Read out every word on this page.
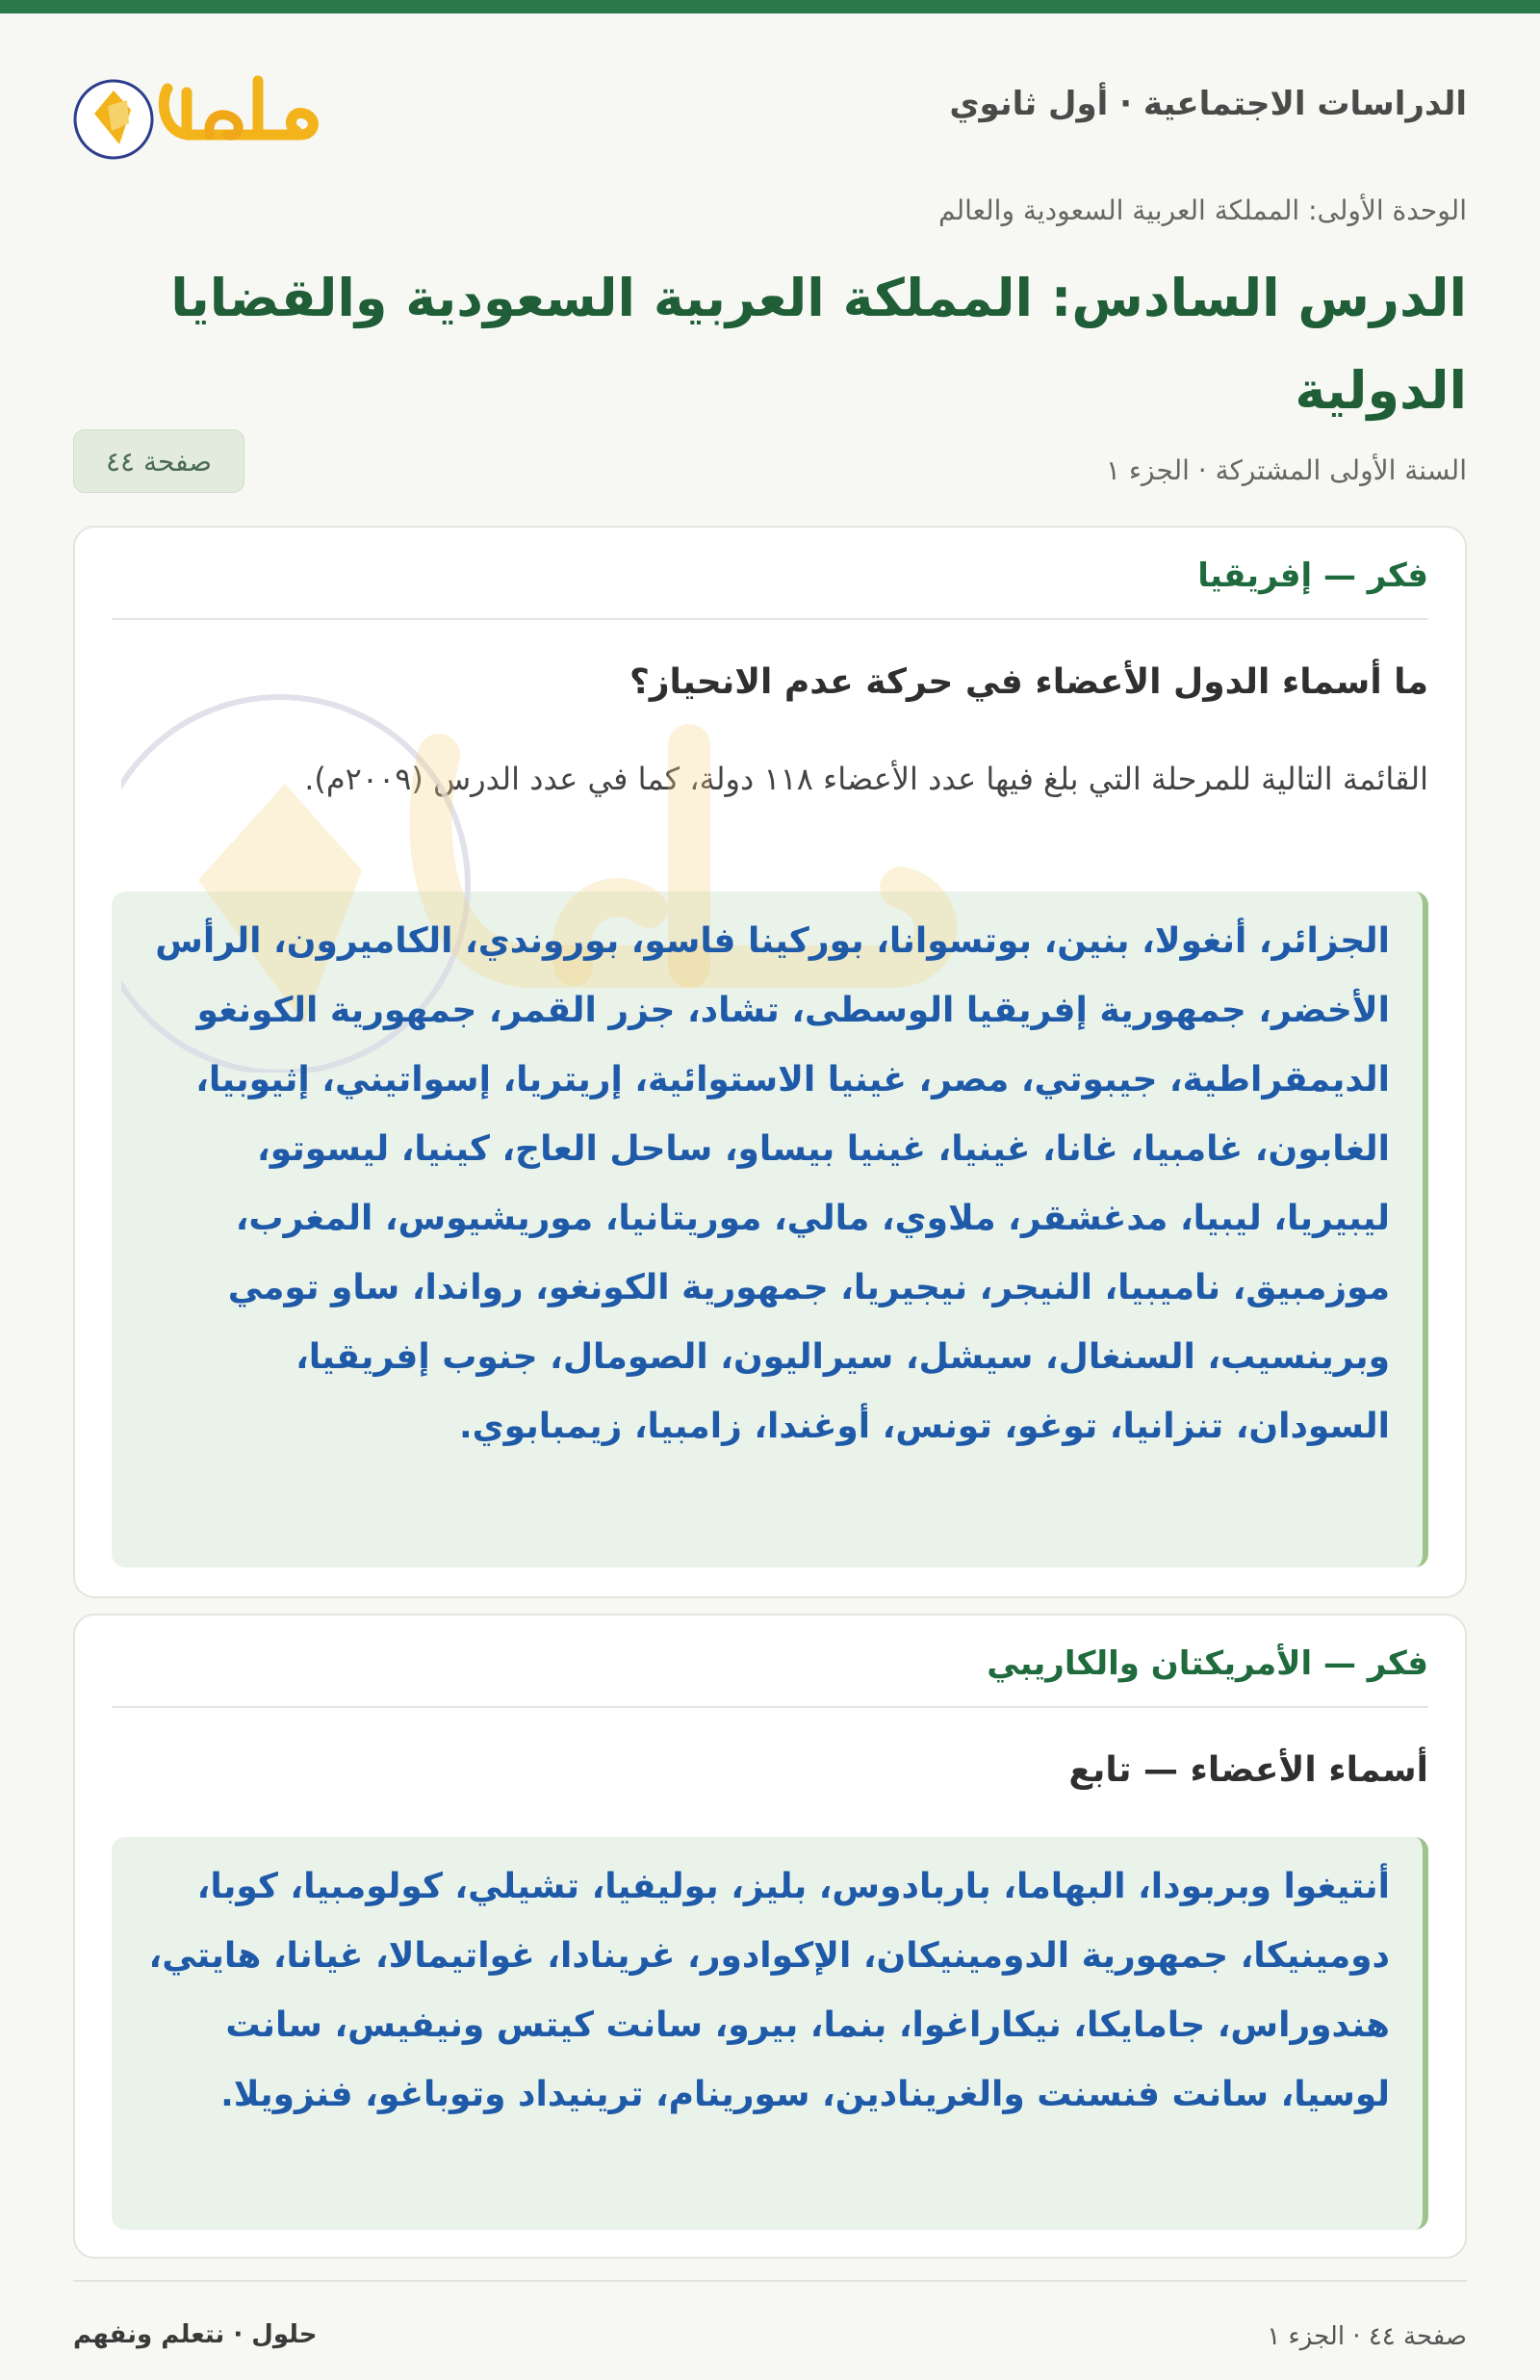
الدراسات الاجتماعية · أول ثانوي
الوحدة الأولى: المملكة العربية السعودية والعالم
الدرس السادس: المملكة العربية السعودية والقضايا الدولية
السنة الأولى المشتركة · الجزء ١
صفحة ٤٤
فكر — إفريقيا
ما أسماء الدول الأعضاء في حركة عدم الانحياز؟

القائمة التالية للمرحلة التي بلغ فيها عدد الأعضاء ١١٨ دولة، كما في عدد الدرس (٢٠٠٩م).

الجزائر، أنغولا، بنين، بوتسوانا، بوركينا فاسو، بوروندي، الكاميرون، الرأس الأخضر، جمهورية إفريقيا الوسطى، تشاد، جزر القمر، جمهورية الكونغو الديمقراطية، جيبوتي، مصر، غينيا الاستوائية، إريتريا، إسواتيني، إثيوبيا، الغابون، غامبيا، غانا، غينيا، غينيا بيساو، ساحل العاج، كينيا، ليسوتو، ليبيريا، ليبيا، مدغشقر، ملاوي، مالي، موريتانيا، موريشيوس، المغرب، موزمبيق، ناميبيا، النيجر، نيجيريا، جمهورية الكونغو، رواندا، ساو تومي وبرينسيب، السنغال، سيشل، سيراليون، الصومال، جنوب إفريقيا، السودان، تنزانيا، توغو، تونس، أوغندا، زامبيا، زيمبابوي.

فكر — الأمريكتان والكاريبي
أسماء الأعضاء — تابع

أنتيغوا وبربودا، البهاما، باربادوس، بليز، بوليفيا، تشيلي، كولومبيا، كوبا، دومينيكا، جمهورية الدومينيكان، الإكوادور، غرينادا، غواتيمالا، غيانا، هايتي، هندوراس، جامايكا، نيكاراغوا، بنما، بيرو، سانت كيتس ونيفيس، سانت لوسيا، سانت فنسنت والغرينادين، سورينام، ترينيداد وتوباغو، فنزويلا.

حلول · نتعلم ونفهم	صفحة ٤٤ · الجزء ١
